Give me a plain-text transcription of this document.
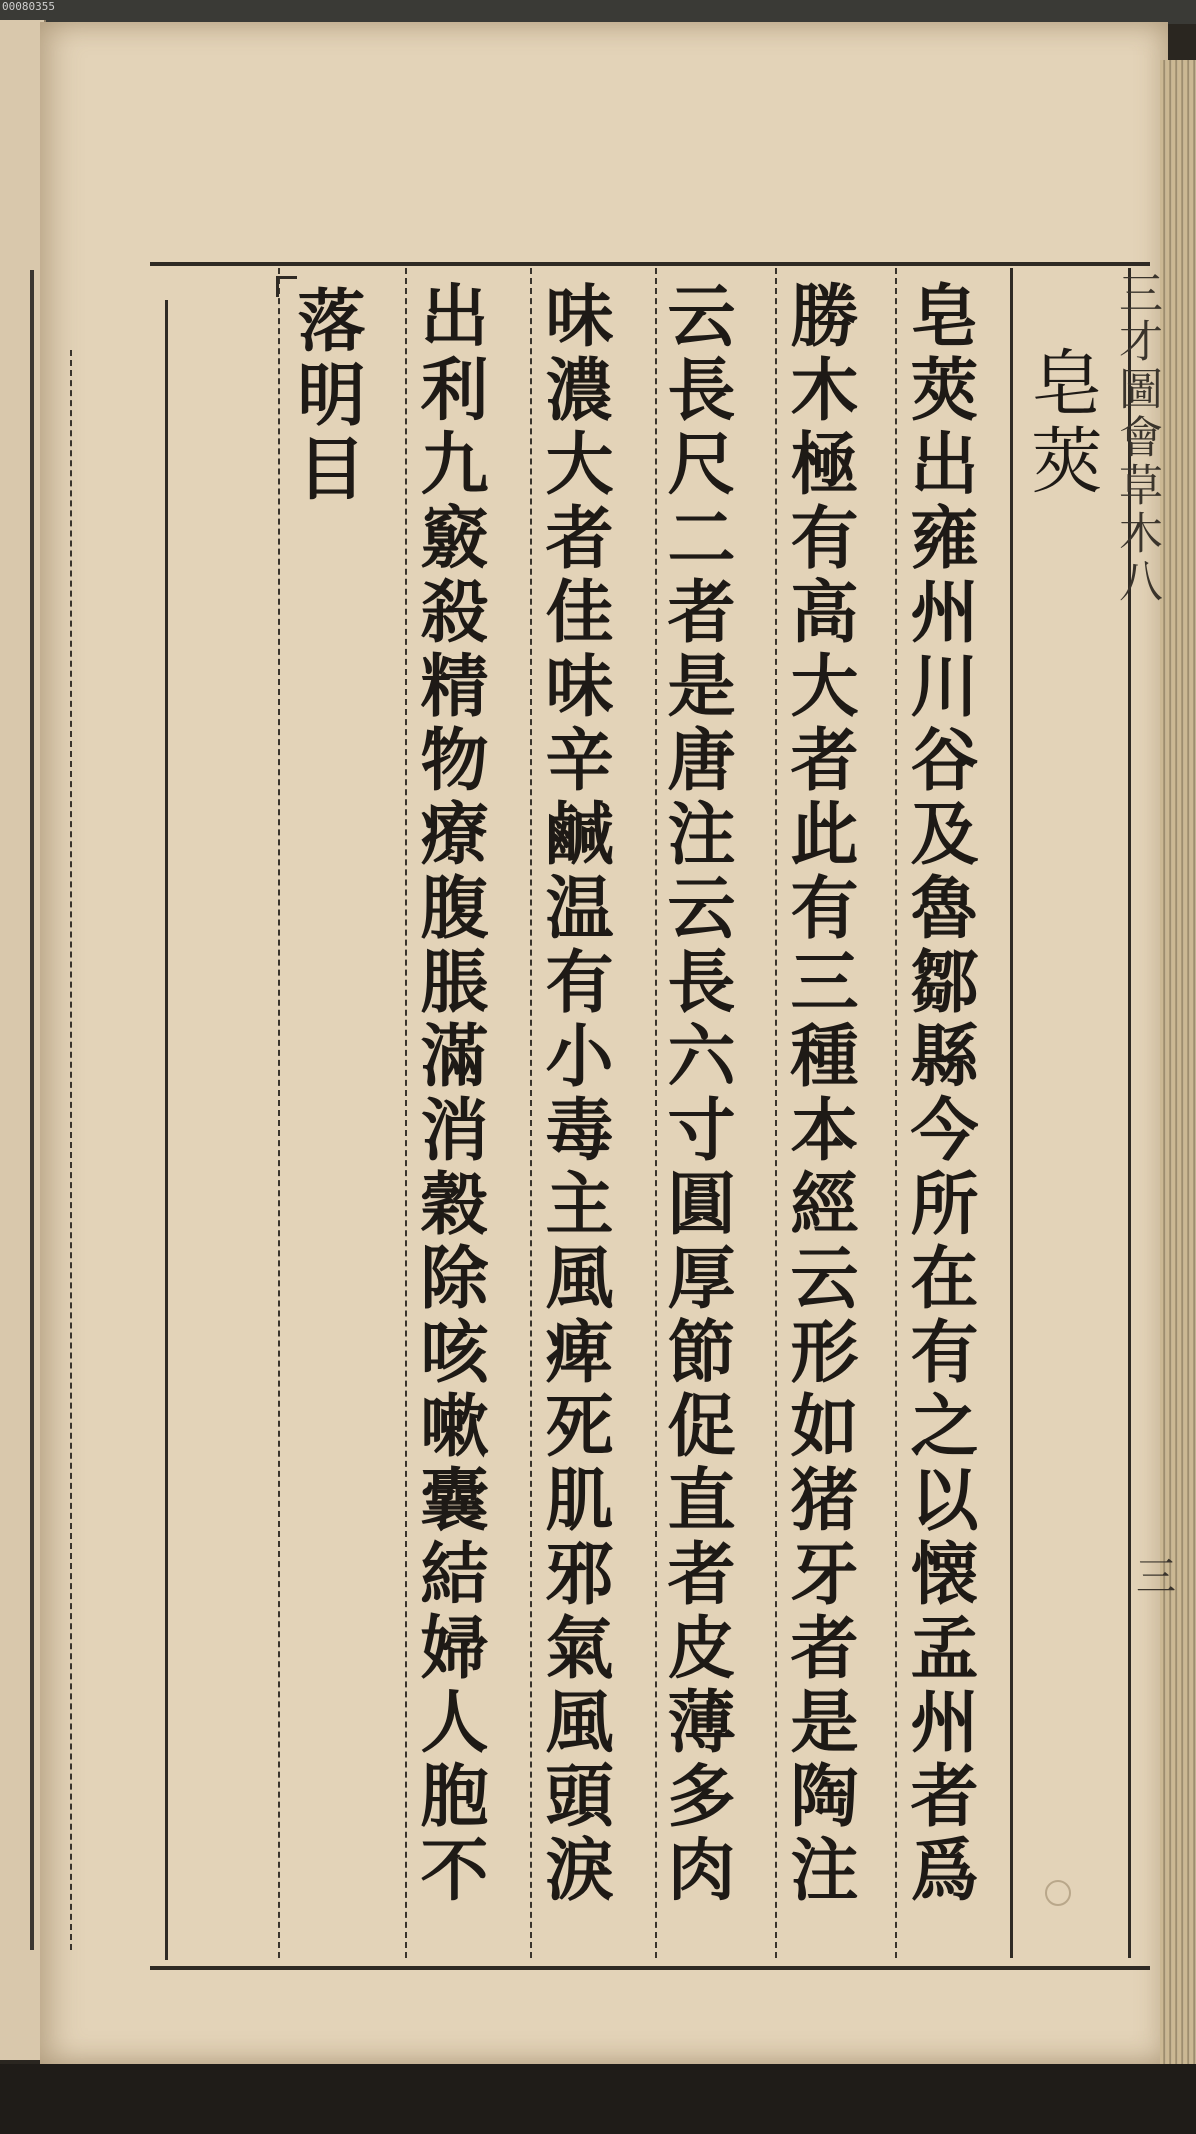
00080355
三
皂莢
皂莢出雍州川谷及魯鄒縣今所在有之以懐孟州者爲
勝木極有高大者此有三種本經云形如猪牙者是陶注
云長尺二者是唐注云長六寸圓厚節促直者皮薄多肉
味濃大者佳味辛鹹温有小毒主風痺死肌邪氣風頭淚
出利九竅殺精物療腹脹滿消穀除咳嗽囊結婦人胞不
落明目
